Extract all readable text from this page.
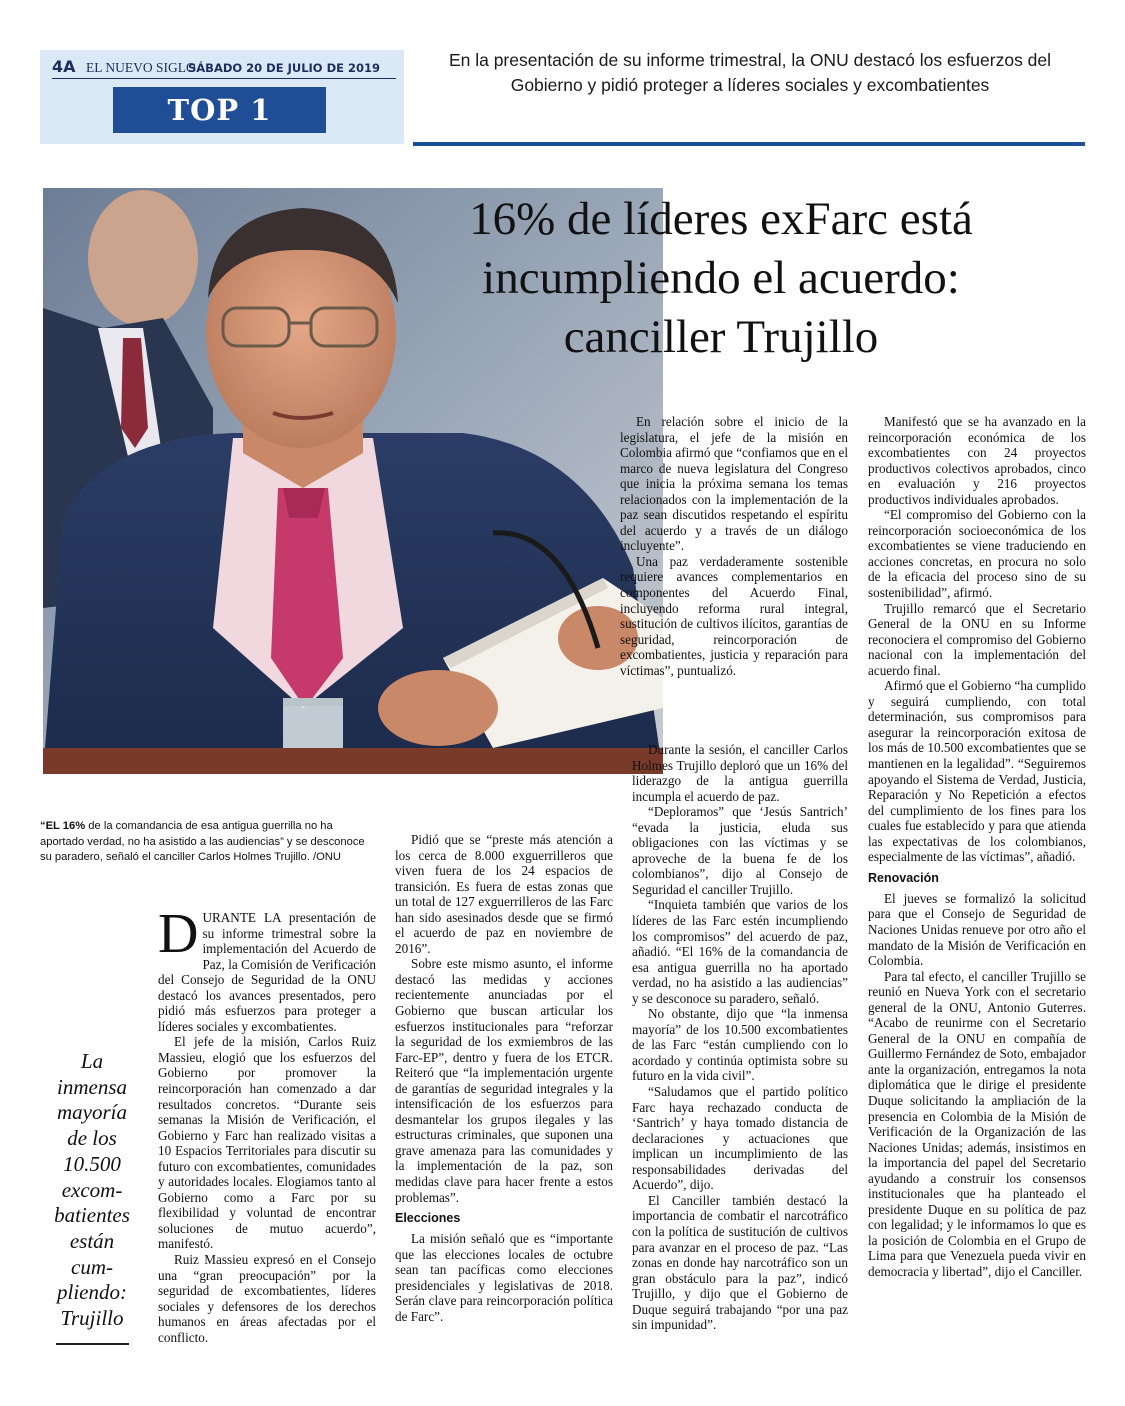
4A EL NUEVO SIGLO
SÁBADO 20 DE JULIO DE 2019
TOP 1
En la presentación de su informe trimestral, la ONU destacó los esfuerzos del Gobierno y pidió proteger a líderes sociales y excombatientes
16% de líderes exFarc está
incumpliendo el acuerdo:
canciller Trujillo
“EL 16% de la comandancia de esa antigua guerrilla no ha aportado verdad, no ha asistido a las audiencias” y se desconoce su paradero, señaló el canciller Carlos Holmes Trujillo. /ONU
La
inmensa
mayoría
de los
10.500
excom-
batientes
están
cum-
pliendo:
Trujillo

DURANTE LA presentación de su informe trimestral sobre la implementación del Acuerdo de Paz, la Comisión de Verificación del Consejo de Seguridad de la ONU destacó los avances presentados, pero pidió más esfuerzos para proteger a líderes sociales y excombatientes.

El jefe de la misión, Carlos Ruiz Massieu, elogió que los esfuerzos del Gobierno por promover la reincorporación han comenzado a dar resultados concretos. “Durante seis semanas la Misión de Verificación, el Gobierno y Farc han realizado visitas a 10 Espacios Territoriales para discutir su futuro con excombatientes, comunidades y autoridades locales. Elogiamos tanto al Gobierno como a Farc por su flexibilidad y voluntad de encontrar soluciones de mutuo acuerdo”, manifestó.

Ruiz Massieu expresó en el Consejo una “gran preocupación” por la seguridad de excombatientes, líderes sociales y defensores de los derechos humanos en áreas afectadas por el conflicto.

Pidió que se “preste más atención a los cerca de 8.000 exguerrilleros que viven fuera de los 24 espacios de transición. Es fuera de estas zonas que un total de 127 exguerrilleros de las Farc han sido asesinados desde que se firmó el acuerdo de paz en noviembre de 2016”.

Sobre este mismo asunto, el informe destacó las medidas y acciones recientemente anunciadas por el Gobierno que buscan articular los esfuerzos institucionales para “reforzar la seguridad de los exmiembros de las Farc-EP”, dentro y fuera de los ETCR. Reiteró que “la implementación urgente de garantías de seguridad integrales y la intensificación de los esfuerzos para desmantelar los grupos ilegales y las estructuras criminales, que suponen una grave amenaza para las comunidades y la implementación de la paz, son medidas clave para hacer frente a estos problemas”.

Elecciones

La misión señaló que es “importante que las elecciones locales de octubre sean tan pacíficas como elecciones presidenciales y legislativas de 2018. Serán clave para reincorporación política de Farc”.

En relación sobre el inicio de la legislatura, el jefe de la misión en Colombia afirmó que “confiamos que en el marco de nueva legislatura del Congreso que inicia la próxima semana los temas relacionados con la implementación de la paz sean discutidos respetando el espíritu del acuerdo y a través de un diálogo incluyente”.

Una paz verdaderamente sostenible requiere avances complementarios en componentes del Acuerdo Final, incluyendo reforma rural integral, sustitución de cultivos ilícitos, garantías de seguridad, reincorporación de excombatientes, justicia y reparación para víctimas”, puntualizó.

Durante la sesión, el canciller Carlos Holmes Trujillo deploró que un 16% del liderazgo de la antigua guerrilla incumpla el acuerdo de paz.

“Deploramos” que ‘Jesús Santrich’ “evada la justicia, eluda sus obligaciones con las víctimas y se aproveche de la buena fe de los colombianos”, dijo al Consejo de Seguridad el canciller Trujillo.

“Inquieta también que varios de los líderes de las Farc estén incumpliendo los compromisos” del acuerdo de paz, añadió. “El 16% de la comandancia de esa antigua guerrilla no ha aportado verdad, no ha asistido a las audiencias” y se desconoce su paradero, señaló.

No obstante, dijo que “la inmensa mayoría” de los 10.500 excombatientes de las Farc “están cumpliendo con lo acordado y continúa optimista sobre su futuro en la vida civil”.

“Saludamos que el partido político Farc haya rechazado conducta de ‘Santrich’ y haya tomado distancia de declaraciones y actuaciones que implican un incumplimiento de las responsabilidades derivadas del Acuerdo”, dijo.

El Canciller también destacó la importancia de combatir el narcotráfico con la política de sustitución de cultivos para avanzar en el proceso de paz. “Las zonas en donde hay narcotráfico son un gran obstáculo para la paz”, indicó Trujillo, y dijo que el Gobierno de Duque seguirá trabajando “por una paz sin impunidad”.

Manifestó que se ha avanzado en la reincorporación económica de los excombatientes con 24 proyectos productivos colectivos aprobados, cinco en evaluación y 216 proyectos productivos individuales aprobados.

“El compromiso del Gobierno con la reincorporación socioeconómica de los excombatientes se viene traduciendo en acciones concretas, en procura no solo de la eficacia del proceso sino de su sostenibilidad”, afirmó.

Trujillo remarcó que el Secretario General de la ONU en su Informe reconociera el compromiso del Gobierno nacional con la implementación del acuerdo final.

Afirmó que el Gobierno “ha cumplido y seguirá cumpliendo, con total determinación, sus compromisos para asegurar la reincorporación exitosa de los más de 10.500 excombatientes que se mantienen en la legalidad”. “Seguiremos apoyando el Sistema de Verdad, Justicia, Reparación y No Repetición a efectos del cumplimiento de los fines para los cuales fue establecido y para que atienda las expectativas de los colombianos, especialmente de las víctimas”, añadió.

Renovación

El jueves se formalizó la solicitud para que el Consejo de Seguridad de Naciones Unidas renueve por otro año el mandato de la Misión de Verificación en Colombia.

Para tal efecto, el canciller Trujillo se reunió en Nueva York con el secretario general de la ONU, Antonio Guterres. “Acabo de reunirme con el Secretario General de la ONU en compañía de Guillermo Fernández de Soto, embajador ante la organización, entregamos la nota diplomática que le dirige el presidente Duque solicitando la ampliación de la presencia en Colombia de la Misión de Verificación de la Organización de las Naciones Unidas; además, insistimos en la importancia del papel del Secretario ayudando a construir los consensos institucionales que ha planteado el presidente Duque en su política de paz con legalidad; y le informamos lo que es la posición de Colombia en el Grupo de Lima para que Venezuela pueda vivir en democracia y libertad”, dijo el Canciller.
